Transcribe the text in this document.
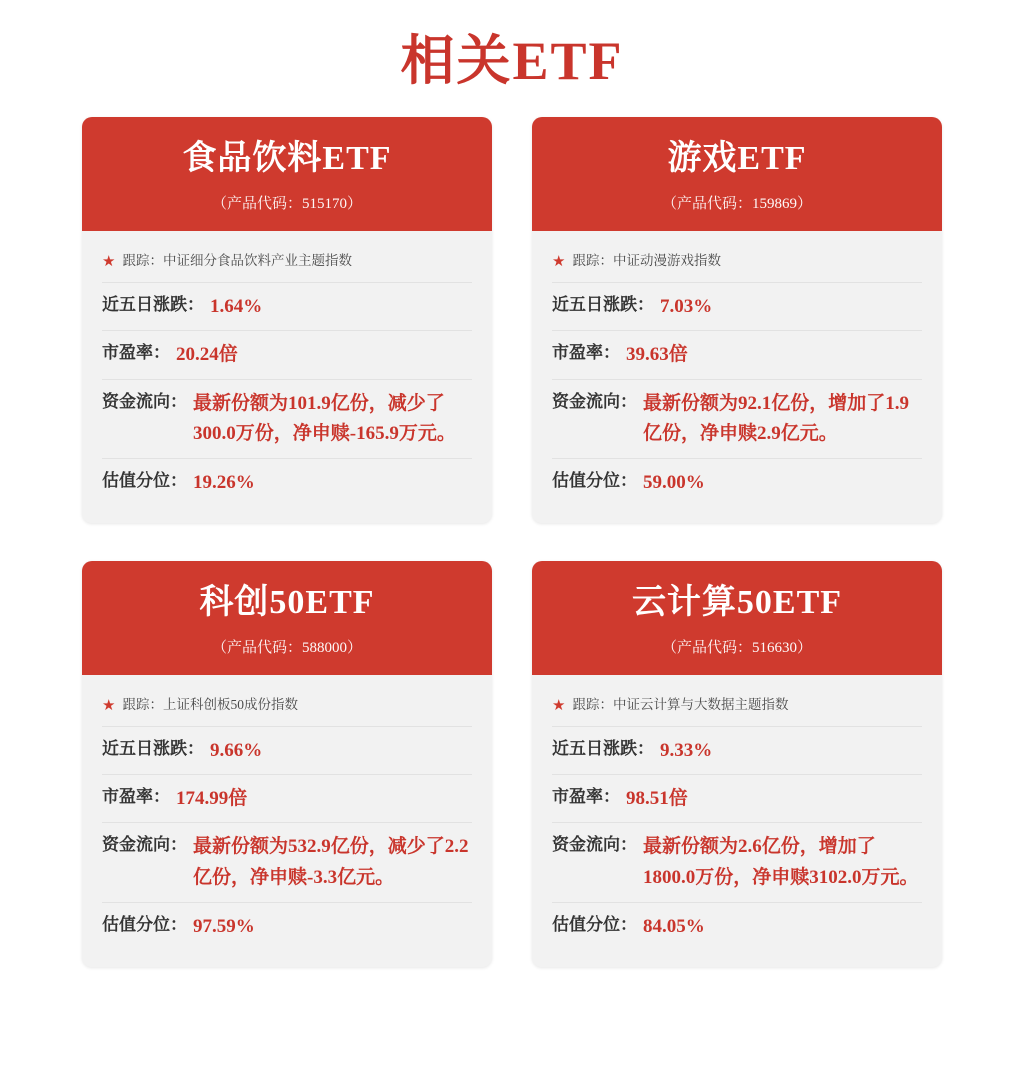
相关ETF
食品饮料ETF
（产品代码：515170）
★ 跟踪： 中证细分食品饮料产业主题指数
近五日涨跌： 1.64%
市盈率： 20.24倍
资金流向： 最新份额为101.9亿份，减少了300.0万份，净申赎-165.9万元。
估值分位： 19.26%
游戏ETF
（产品代码：159869）
★ 跟踪： 中证动漫游戏指数
近五日涨跌： 7.03%
市盈率： 39.63倍
资金流向： 最新份额为92.1亿份，增加了1.9亿份，净申赎2.9亿元。
估值分位： 59.00%
科创50ETF
（产品代码：588000）
★ 跟踪： 上证科创板50成份指数
近五日涨跌： 9.66%
市盈率： 174.99倍
资金流向： 最新份额为532.9亿份，减少了2.2亿份，净申赎-3.3亿元。
估值分位： 97.59%
云计算50ETF
（产品代码：516630）
★ 跟踪： 中证云计算与大数据主题指数
近五日涨跌： 9.33%
市盈率： 98.51倍
资金流向： 最新份额为2.6亿份，增加了1800.0万份，净申赎3102.0万元。
估值分位： 84.05%
